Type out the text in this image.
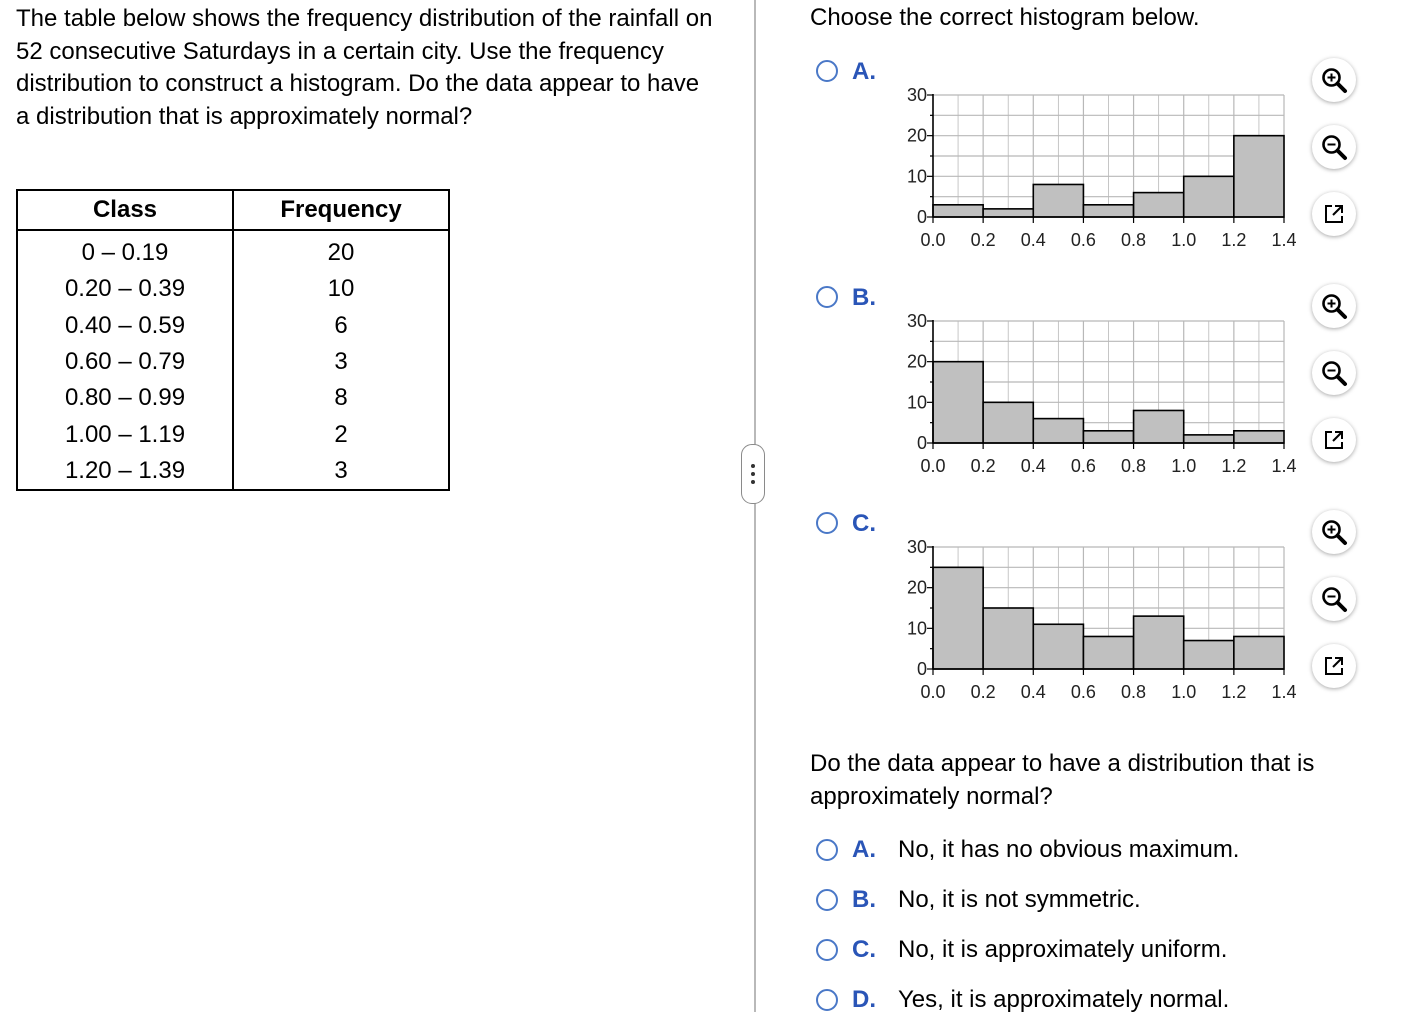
The table below shows the frequency distribution of the rainfall on 52 consecutive Saturdays in a certain city. Use the frequency distribution to construct a histogram. Do the data appear to have a distribution that is approximately normal?
Class	Frequency
0 – 0.19	20
0.20 – 0.39	10
0.40 – 0.59	6
0.60 – 0.79	3
0.80 – 0.99	8
1.00 – 1.19	2
1.20 – 1.39	3
Choose the correct histogram below.
A.
0
10
20
30
0.0 0.2 0.4 0.6 0.8 1.0 1.2 1.4
B.
0
10
20
30
0.0 0.2 0.4 0.6 0.8 1.0 1.2 1.4
C.
0
10
20
30
0.0 0.2 0.4 0.6 0.8 1.0 1.2 1.4
Do the data appear to have a distribution that is approximately normal?
A. No, it has no obvious maximum.
B. No, it is not symmetric.
C. No, it is approximately uniform.
D. Yes, it is approximately normal.
